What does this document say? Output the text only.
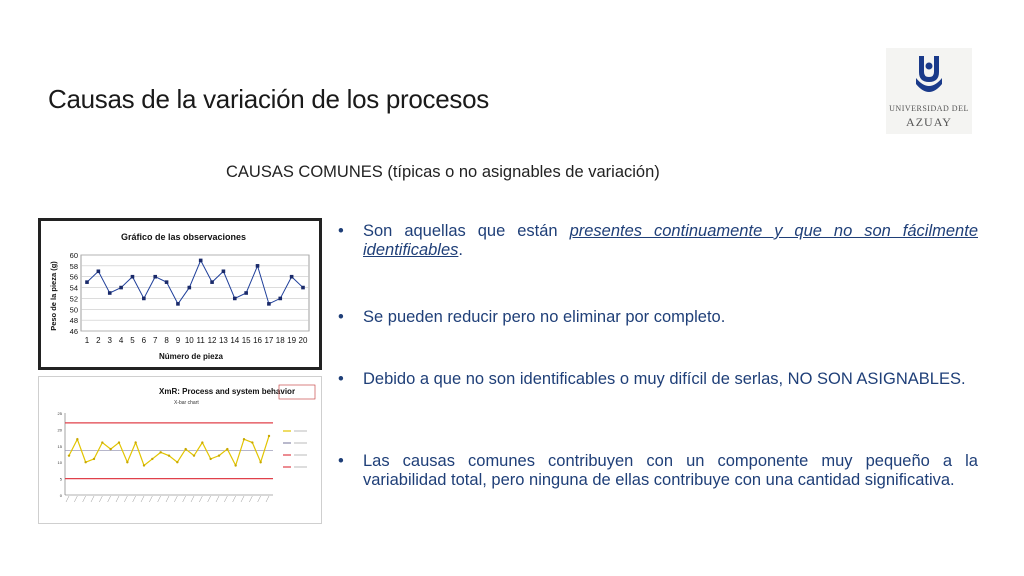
Causas de la variación de los procesos	UNIVERSIDAD DEL
AZUAY
CAUSAS COMUNES (típicas o no asignables de variación)
• Son aquellas que están presentes continuamente y que no son fácilmente identificables.
• Se pueden reducir pero no eliminar por completo.
• Debido a que no son identificables o muy difícil de serlas, NO SON ASIGNABLES.
• Las causas comunes contribuyen con un componente muy pequeño a la variabilidad total, pero ninguna de ellas contribuye con una cantidad significativa.
Gráfico de las observaciones
Peso de la pieza (g)
Número de pieza
46
48
50
52
54
56
58
60
1 2 3 4 5 6 7 8 9 10 11 12 13 14 15 16 17 18 19 20
XmR: Process and system behavior
X-bar chart
0
5
10
15
20
25
